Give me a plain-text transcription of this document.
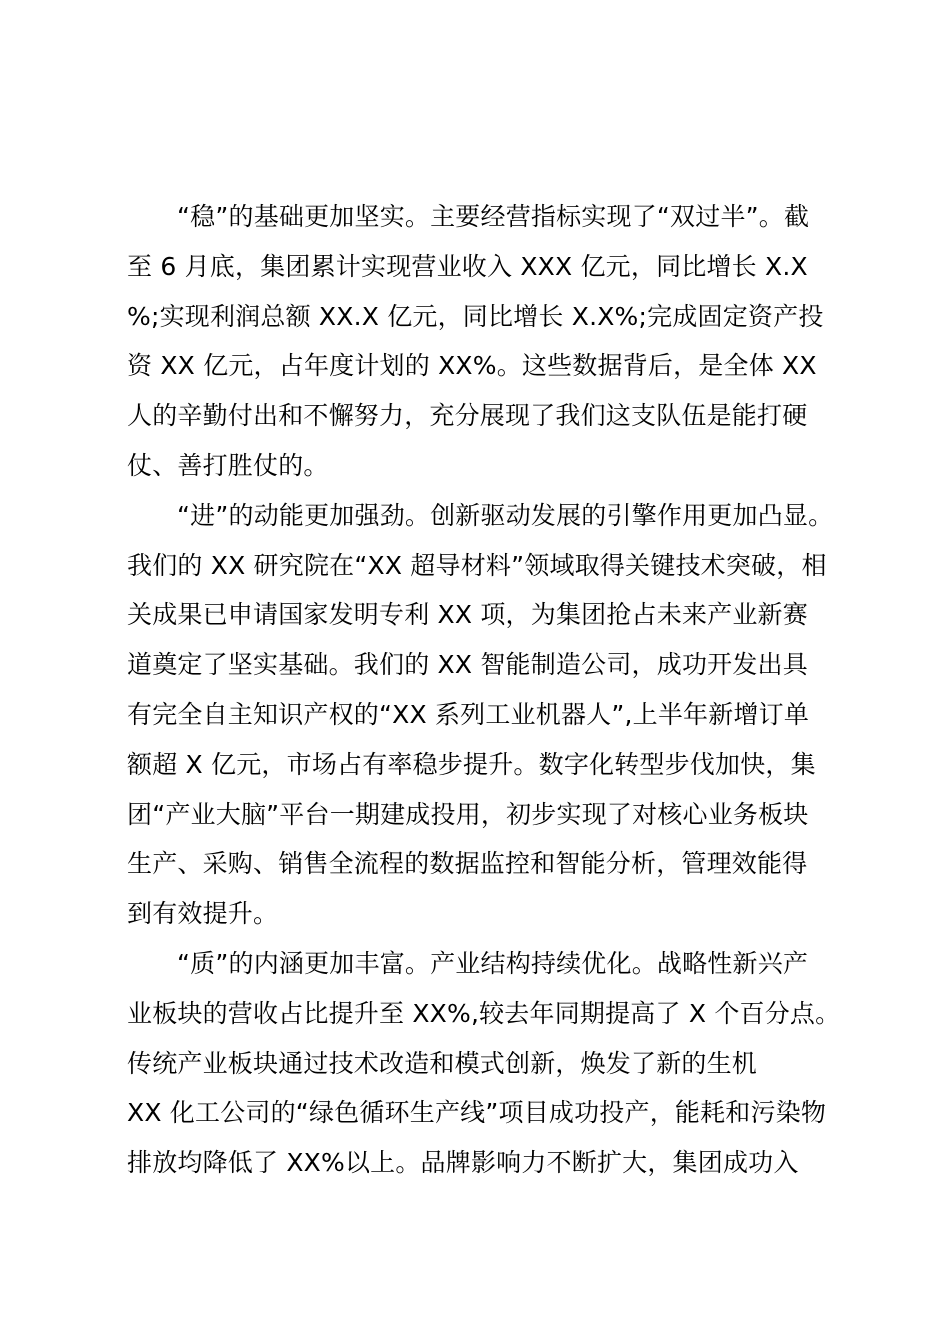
“稳”的基础更加坚实。主要经营指标实现了“双过半”。截
至 6 月底，集团累计实现营业收入 XXX 亿元，同比增长 X.X
%;实现利润总额 XX.X 亿元，同比增长 X.X%;完成固定资产投
资 XX 亿元，占年度计划的 XX%。这些数据背后，是全体 XX
人的辛勤付出和不懈努力，充分展现了我们这支队伍是能打硬
仗、善打胜仗的。
“进”的动能更加强劲。创新驱动发展的引擎作用更加凸显。
我们的 XX 研究院在“XX 超导材料”领域取得关键技术突破，相
关成果已申请国家发明专利 XX 项，为集团抢占未来产业新赛
道奠定了坚实基础。我们的 XX 智能制造公司，成功开发出具
有完全自主知识产权的“XX 系列工业机器人”,上半年新增订单
额超 X 亿元，市场占有率稳步提升。数字化转型步伐加快，集
团“产业大脑”平台一期建成投用，初步实现了对核心业务板块
生产、采购、销售全流程的数据监控和智能分析，管理效能得
到有效提升。
“质”的内涵更加丰富。产业结构持续优化。战略性新兴产
业板块的营收占比提升至 XX%,较去年同期提高了 X 个百分点。
传统产业板块通过技术改造和模式创新，焕发了新的生机
XX 化工公司的“绿色循环生产线”项目成功投产，能耗和污染物
排放均降低了 XX%以上。品牌影响力不断扩大，集团成功入
